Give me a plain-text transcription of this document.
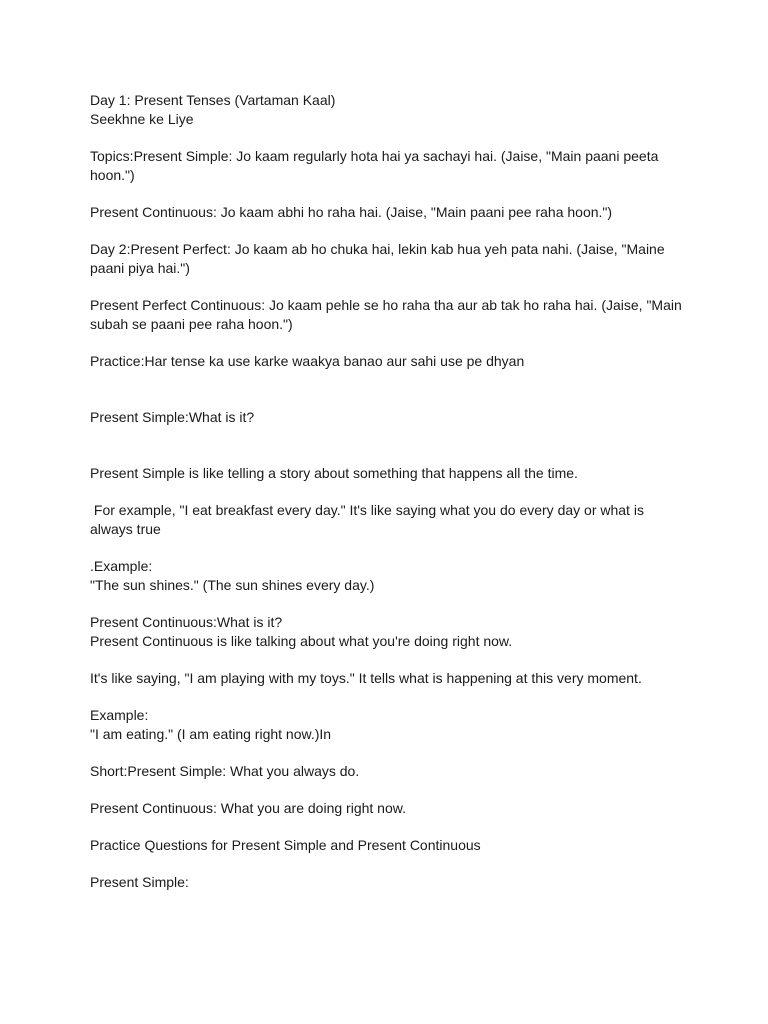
Day 1: Present Tenses (Vartaman Kaal)

Seekhne ke Liye

Topics:Present Simple: Jo kaam regularly hota hai ya sachayi hai. (Jaise, "Main paani peeta

hoon.")

Present Continuous: Jo kaam abhi ho raha hai. (Jaise, "Main paani pee raha hoon.")

Day 2:Present Perfect: Jo kaam ab ho chuka hai, lekin kab hua yeh pata nahi. (Jaise, "Maine

paani piya hai.")

Present Perfect Continuous: Jo kaam pehle se ho raha tha aur ab tak ho raha hai. (Jaise, "Main

subah se paani pee raha hoon.")

Practice:Har tense ka use karke waakya banao aur sahi use pe dhyan

Present Simple:What is it?

Present Simple is like telling a story about something that happens all the time.

For example, "I eat breakfast every day." It's like saying what you do every day or what is

always true

.Example:

"The sun shines." (The sun shines every day.)

Present Continuous:What is it?

Present Continuous is like talking about what you're doing right now.

It's like saying, "I am playing with my toys." It tells what is happening at this very moment.

Example:

"I am eating." (I am eating right now.)In

Short:Present Simple: What you always do.

Present Continuous: What you are doing right now.

Practice Questions for Present Simple and Present Continuous

Present Simple:
